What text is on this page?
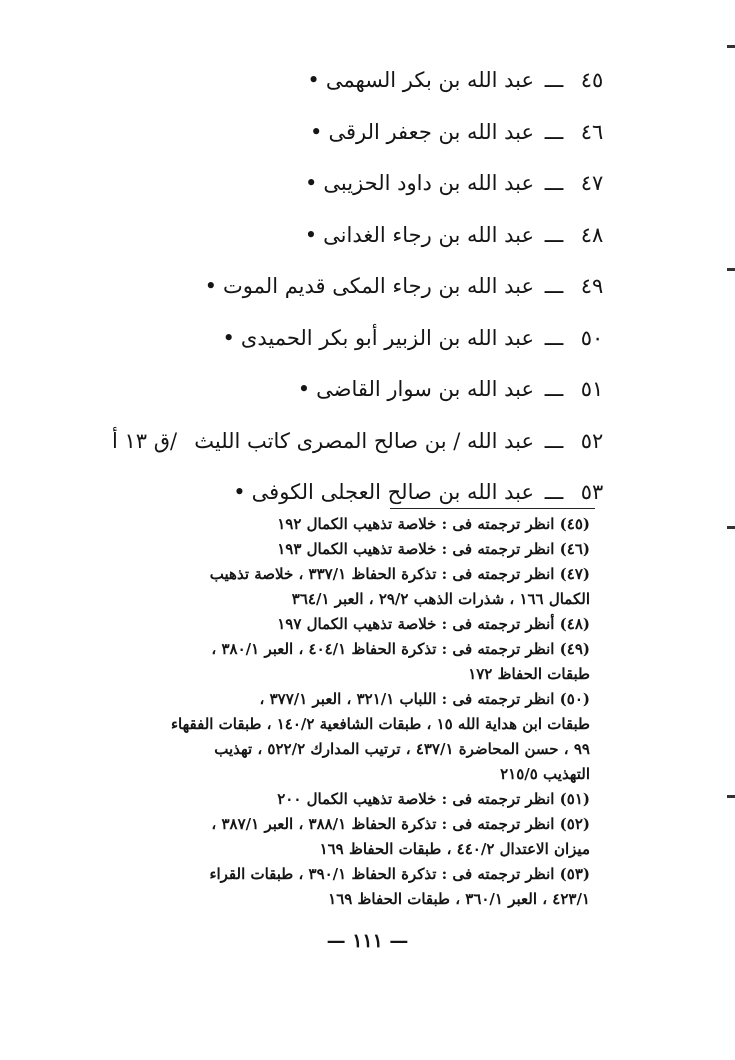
٤٥ـــعبد الله بن بكر السهمى•
٤٦ـــعبد الله بن جعفر الرقى•
٤٧ـــعبد الله بن داود الحزيبى•
٤٨ـــعبد الله بن رجاء الغدانى•
٤٩ـــعبد الله بن رجاء المكى قديم الموت•
٥٠ـــعبد الله بن الزبير أبو بكر الحميدى•
٥١ـــعبد الله بن سوار القاضى•
٥٢ـــعبد الله / بن صالح المصرى كاتب الليث
/ق ١٣ أ
٥٣ـــعبد الله بن صالح العجلى الكوفى•
(٤٥) انظر ترجمته فى : خلاصة تذهيب الكمال ١٩٢
(٤٦) انظر ترجمته فى : خلاصة تذهيب الكمال ١٩٣
(٤٧) انظر ترجمته فى : تذكرة الحفاظ ٣٣٧/١ ، خلاصة تذهيب
الكمال ١٦٦ ، شذرات الذهب ٢٩/٢ ، العبر ٣٦٤/١
(٤٨) أنظر ترجمته فى : خلاصة تذهيب الكمال ١٩٧
(٤٩) انظر ترجمته فى : تذكرة الحفاظ ٤٠٤/١ ، العبر ٣٨٠/١ ،
طبقات الحفاظ ١٧٢
(٥٠) انظر ترجمته فى : اللباب ٣٢١/١ ، العبر ٣٧٧/١ ،
طبقات ابن هداية الله ١٥ ، طبقات الشافعية ١٤٠/٢ ، طبقات الفقهاء
٩٩ ، حسن المحاضرة ٤٣٧/١ ، ترتيب المدارك ٥٢٢/٢ ، تهذيب
التهذيب ٢١٥/٥
(٥١) انظر ترجمته فى : خلاصة تذهيب الكمال ٢٠٠
(٥٢) انظر ترجمته فى : تذكرة الحفاظ ٣٨٨/١ ، العبر ٣٨٧/١ ،
ميزان الاعتدال ٤٤٠/٢ ، طبقات الحفاظ ١٦٩
(٥٣) انظر ترجمته فى : تذكرة الحفاظ ٣٩٠/١ ، طبقات القراء
٤٢٣/١ ، العبر ٣٦٠/١ ، طبقات الحفاظ ١٦٩
— ١١١ —
